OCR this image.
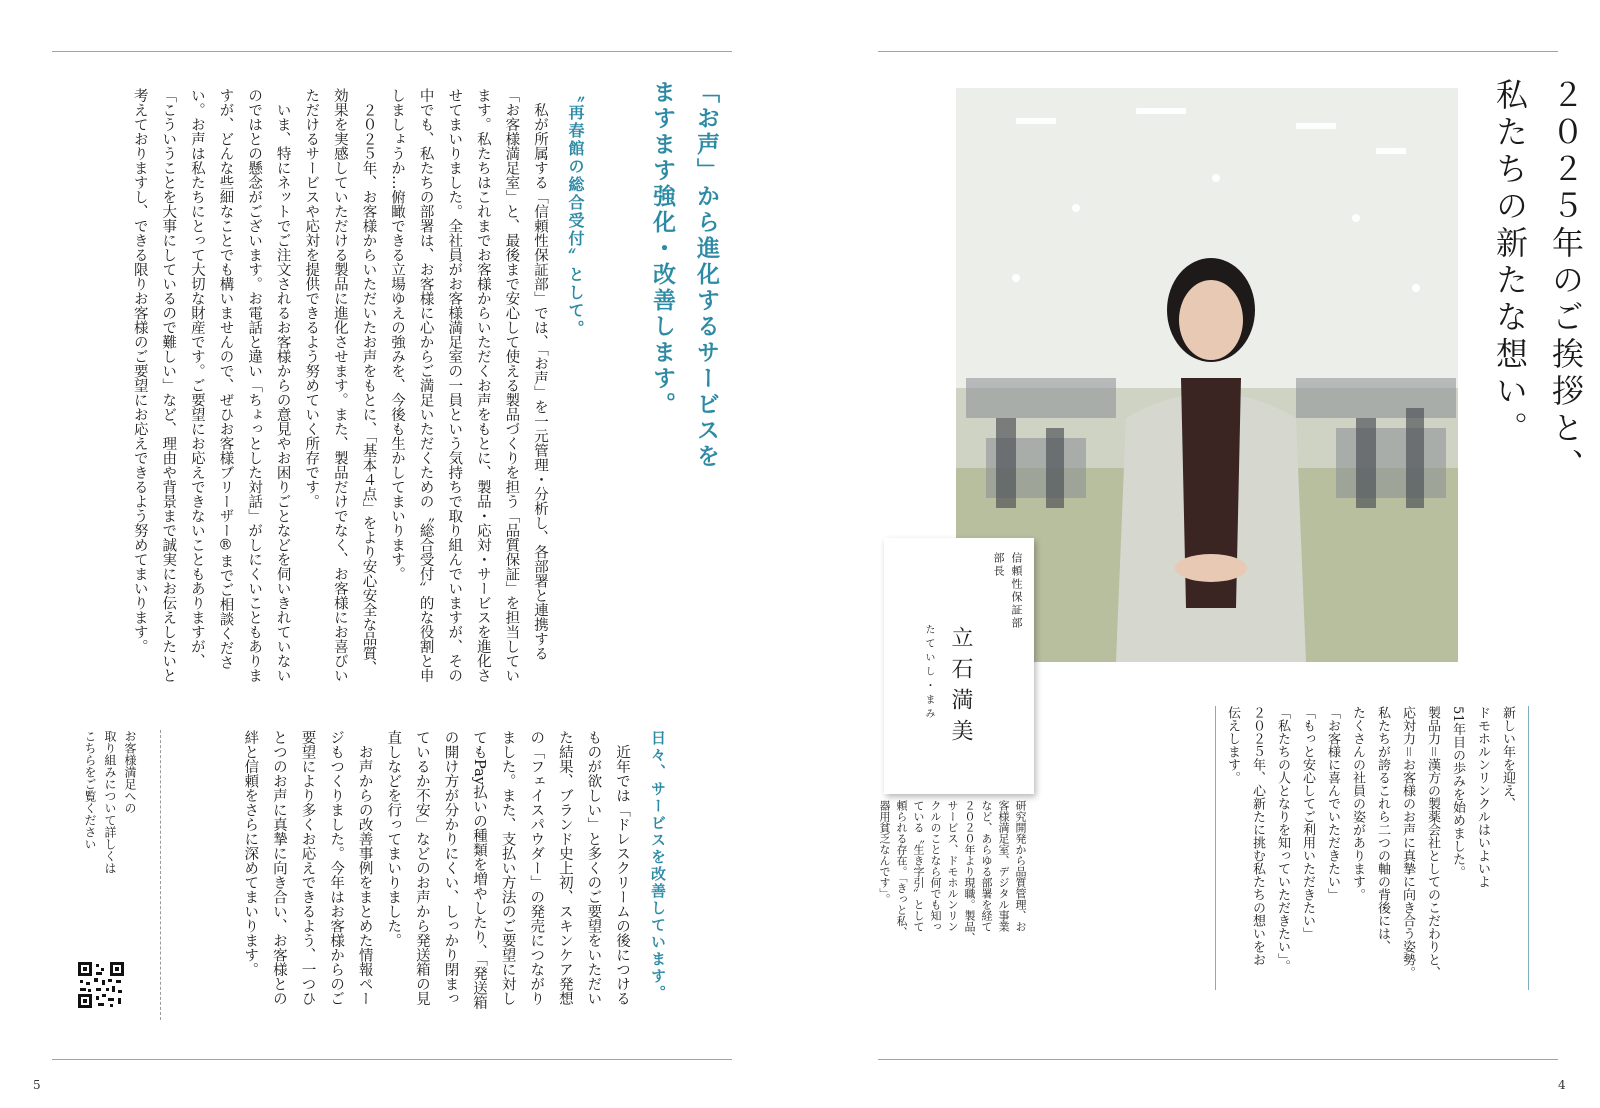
5	4
２０２５年のご挨拶と、
私たちの新たな想い。
信頼性保証部
部長
立石満美
たていし・まみ
研究開発から品質管理、お
客様満足室、デジタル事業
など、あらゆる部署を経て
２０２０年より現職。製品、
サービス、ドモホルンリン
クルのことなら何でも知っ
ている〝生き字引〟として
頼られる存在。「きっと私、
器用貧乏なんです」。
新しい年を迎え、
ドモホルンリンクルはいよいよ
51年目の歩みを始めました。
製品力＝漢方の製薬会社としてのこだわりと、
応対力＝お客様のお声に真摯に向き合う姿勢。
私たちが誇るこれら二つの軸の背後には、
たくさんの社員の姿があります。
「お客様に喜んでいただきたい」
「もっと安心してご利用いただきたい」
「私たちの人となりを知っていただきたい」。
２０２５年、心新たに挑む私たちの想いをお
伝えします。
「お声」から進化するサービスを
ますます強化・改善します。
〝再春館の総合受付〟として。
　私が所属する「信頼性保証部」では、「お声」を一元管理・分析し、各部署と連携する「お客様満足室」と、最後まで安心して使える製品づくりを担う「品質保証」を担当しています。私たちはこれまでお客様からいただくお声をもとに、製品・応対・サービスを進化させてまいりました。全社員がお客様満足室の一員という気持ちで取り組んでいますが、その中でも、私たちの部署は、お客様に心からご満足いただくための〝総合受付〟的な役割と申しましょうか…俯瞰できる立場ゆえの強みを、今後も生かしてまいります。
　２０２５年、お客様からいただいたお声をもとに、「基本４点」をより安心安全な品質、効果を実感していただける製品に進化させます。また、製品だけでなく、お客様にお喜びいただけるサービスや応対を提供できるよう努めていく所存です。
　いま、特にネットでご注文されるお客様からの意見やお困りごとなどを伺いきれていないのではとの懸念がございます。お電話と違い「ちょっとした対話」がしにくいこともありますが、どんな些細なことでも構いませんので、ぜひお客様ブリーザー®までご相談ください。お声は私たちにとって大切な財産です。ご要望にお応えできないこともありますが、「こういうことを大事にしているので難しい」など、理由や背景まで誠実にお伝えしたいと考えておりますし、できる限りお客様のご要望にお応えできるよう努めてまいります。
日々、サービスを改善しています。
　近年では「ドレスクリームの後につけるものが欲しい」と多くのご要望をいただいた結果、ブランド史上初、スキンケア発想の「フェイスパウダー」の発売につながりました。また、支払い方法のご要望に対してもPay払いの種類を増やしたり、「発送箱の開け方が分かりにくい、しっかり閉まっているか不安」などのお声から発送箱の見直しなどを行ってまいりました。
　お声からの改善事例をまとめた情報ページもつくりました。今年はお客様からのご要望により多くお応えできるよう、一つひとつのお声に真摯に向き合い、お客様との絆と信頼をさらに深めてまいります。
お客様満足への
取り組みについて詳しくは
こちらをご覧ください
